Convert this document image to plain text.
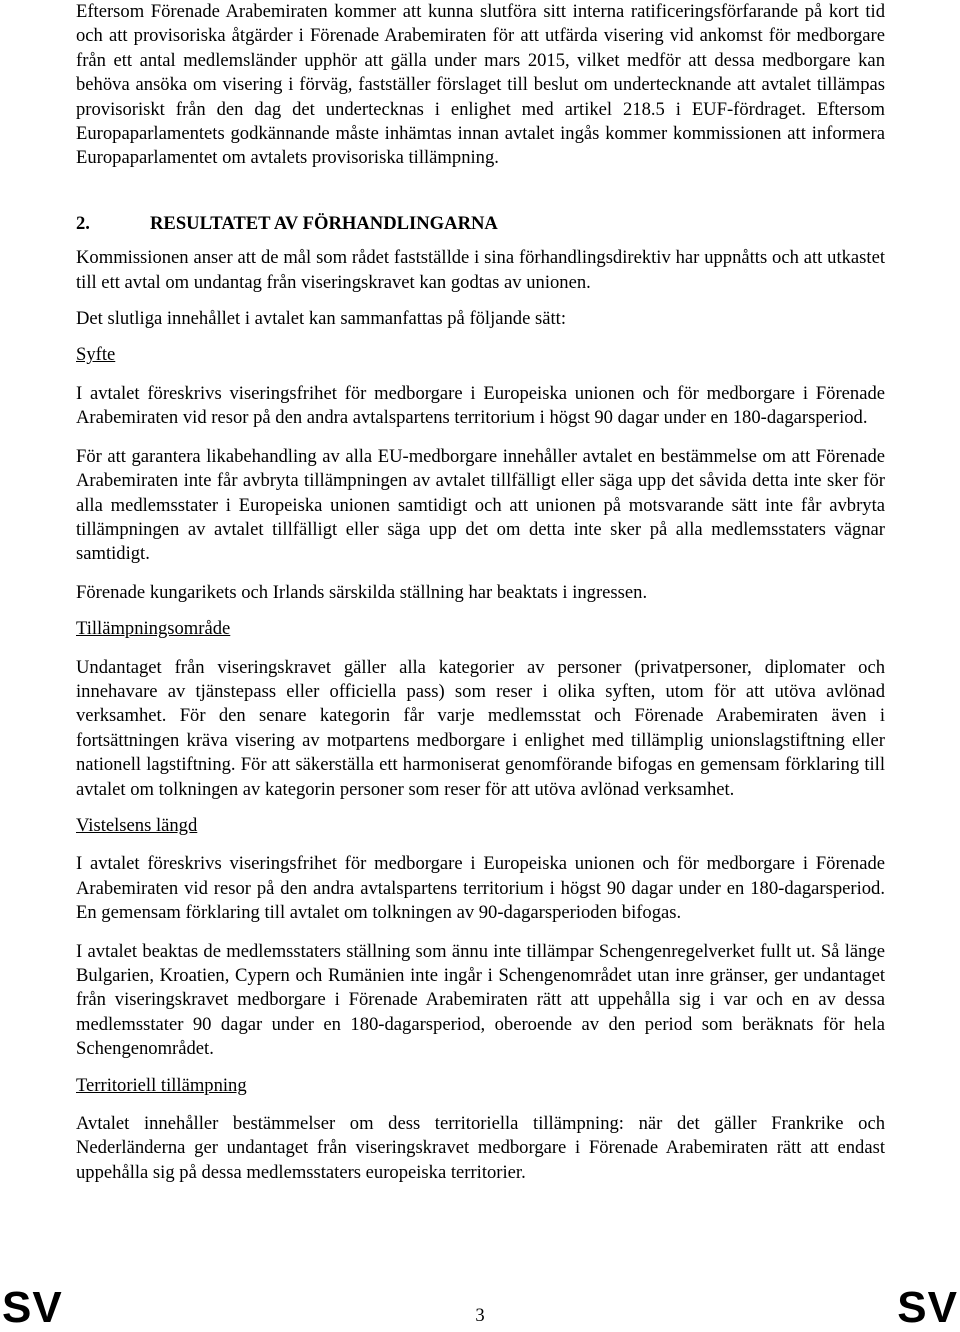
Eftersom Förenade Arabemiraten kommer att kunna slutföra sitt interna ratificeringsförfarande på kort tid och att provisoriska åtgärder i Förenade Arabemiraten för att utfärda visering vid ankomst för medborgare från ett antal medlemsländer upphör att gälla under mars 2015, vilket medför att dessa medborgare kan behöva ansöka om visering i förväg, fastställer förslaget till beslut om undertecknande att avtalet tillämpas provisoriskt från den dag det undertecknas i enlighet med artikel 218.5 i EUF-fördraget. Eftersom Europaparlamentets godkännande måste inhämtas innan avtalet ingås kommer kommissionen att informera Europaparlamentet om avtalets provisoriska tillämpning.

2.	RESULTATET AV FÖRHANDLINGARNA

Kommissionen anser att de mål som rådet fastställde i sina förhandlingsdirektiv har uppnåtts och att utkastet till ett avtal om undantag från viseringskravet kan godtas av unionen.

Det slutliga innehållet i avtalet kan sammanfattas på följande sätt:

Syfte

I avtalet föreskrivs viseringsfrihet för medborgare i Europeiska unionen och för medborgare i Förenade Arabemiraten vid resor på den andra avtalspartens territorium i högst 90 dagar under en 180-dagarsperiod.

För att garantera likabehandling av alla EU-medborgare innehåller avtalet en bestämmelse om att Förenade Arabemiraten inte får avbryta tillämpningen av avtalet tillfälligt eller säga upp det såvida detta inte sker för alla medlemsstater i Europeiska unionen samtidigt och att unionen på motsvarande sätt inte får avbryta tillämpningen av avtalet tillfälligt eller säga upp det om detta inte sker på alla medlemsstaters vägnar samtidigt.

Förenade kungarikets och Irlands särskilda ställning har beaktats i ingressen.

Tillämpningsområde

Undantaget från viseringskravet gäller alla kategorier av personer (privatpersoner, diplomater och innehavare av tjänstepass eller officiella pass) som reser i olika syften, utom för att utöva avlönad verksamhet. För den senare kategorin får varje medlemsstat och Förenade Arabemiraten även i fortsättningen kräva visering av motpartens medborgare i enlighet med tillämplig unionslagstiftning eller nationell lagstiftning. För att säkerställa ett harmoniserat genomförande bifogas en gemensam förklaring till avtalet om tolkningen av kategorin personer som reser för att utöva avlönad verksamhet.

Vistelsens längd

I avtalet föreskrivs viseringsfrihet för medborgare i Europeiska unionen och för medborgare i Förenade Arabemiraten vid resor på den andra avtalspartens territorium i högst 90 dagar under en 180-dagarsperiod. En gemensam förklaring till avtalet om tolkningen av 90-dagarsperioden bifogas.

I avtalet beaktas de medlemsstaters ställning som ännu inte tillämpar Schengenregelverket fullt ut. Så länge Bulgarien, Kroatien, Cypern och Rumänien inte ingår i Schengenområdet utan inre gränser, ger undantaget från viseringskravet medborgare i Förenade Arabemiraten rätt att uppehålla sig i var och en av dessa medlemsstater 90 dagar under en 180-dagarsperiod, oberoende av den period som beräknats för hela Schengenområdet.

Territoriell tillämpning

Avtalet innehåller bestämmelser om dess territoriella tillämpning: när det gäller Frankrike och Nederländerna ger undantaget från viseringskravet medborgare i Förenade Arabemiraten rätt att endast uppehålla sig på dessa medlemsstaters europeiska territorier.

SV	3	SV
